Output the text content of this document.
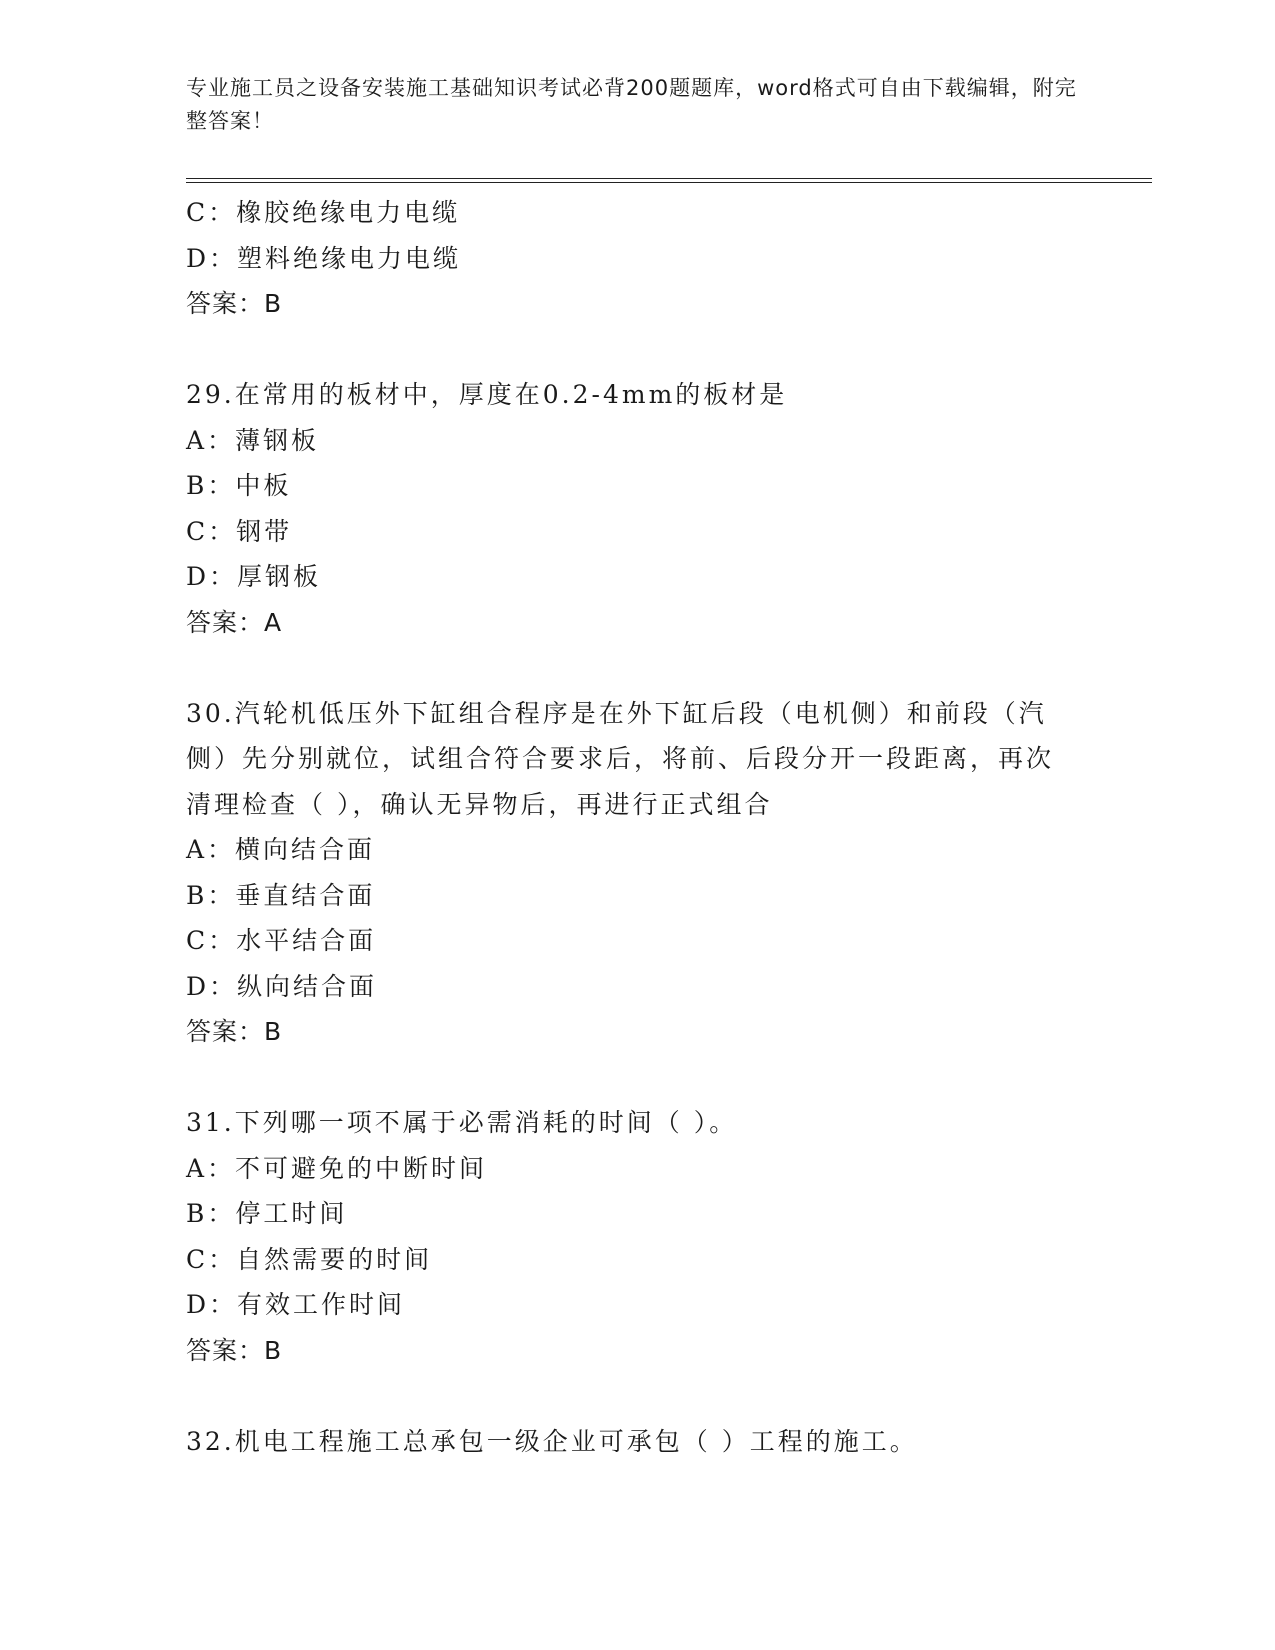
专业施工员之设备安装施工基础知识考试必背200题题库，word格式可自由下载编辑，附完整答案！
C：橡胶绝缘电力电缆
D：塑料绝缘电力电缆
答案：B
29.在常用的板材中，厚度在0.2-4mm的板材是
A：薄钢板
B：中板
C：钢带
D：厚钢板
答案：A
30.汽轮机低压外下缸组合程序是在外下缸后段（电机侧）和前段（汽侧）先分别就位，试组合符合要求后，将前、后段分开一段距离，再次清理检查（ ），确认无异物后，再进行正式组合
A：横向结合面
B：垂直结合面
C：水平结合面
D：纵向结合面
答案：B
31.下列哪一项不属于必需消耗的时间（ ）。
A：不可避免的中断时间
B：停工时间
C：自然需要的时间
D：有效工作时间
答案：B
32.机电工程施工总承包一级企业可承包（ ）工程的施工。
